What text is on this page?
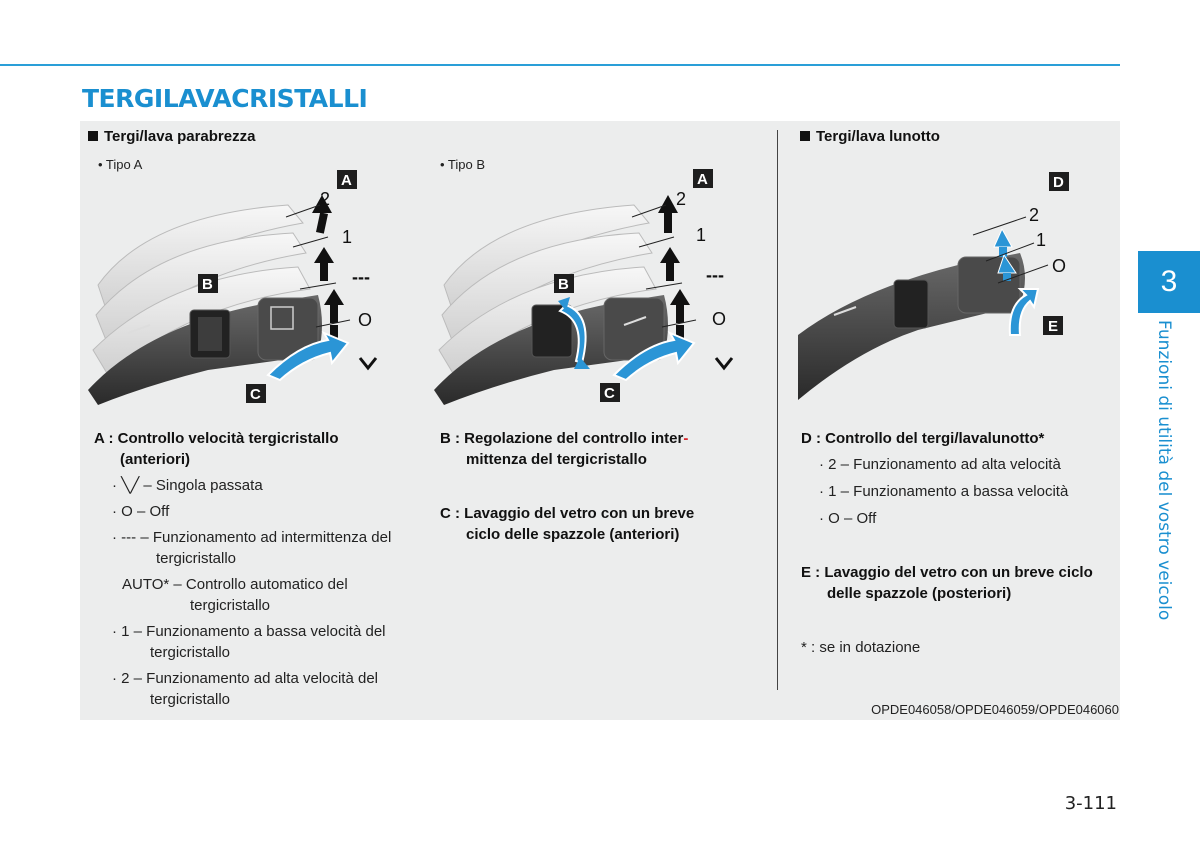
TERGILAVACRISTALLI
Tergi/lava parabrezza	Tergi/lava lunotto
• Tipo A	• Tipo B
2
1
---
O
A
B
C
2
1
---
O
A
B
C
2
1
O
D
E
A : Controllo velocità tergicristallo
(anteriori)
· ╲╱ – Singola passata
· O – Off
· --- – Funzionamento ad intermittenza del
tergicristallo
AUTO* – Controllo automatico del
tergicristallo
· 1 – Funzionamento a bassa velocità del
tergicristallo
· 2 – Funzionamento ad alta velocità del
tergicristallo
B : Regolazione del controllo inter-
mittenza del tergicristallo
C : Lavaggio del vetro con un breve
ciclo delle spazzole (anteriori)
D : Controllo del tergi/lavalunotto*
· 2 – Funzionamento ad alta velocità
· 1 – Funzionamento a bassa velocità
· O – Off
E : Lavaggio del vetro con un breve ciclo
delle spazzole (posteriori)
* : se in dotazione
OPDE046058/OPDE046059/OPDE046060
3
Funzioni di utilità del vostro veicolo
3-111
